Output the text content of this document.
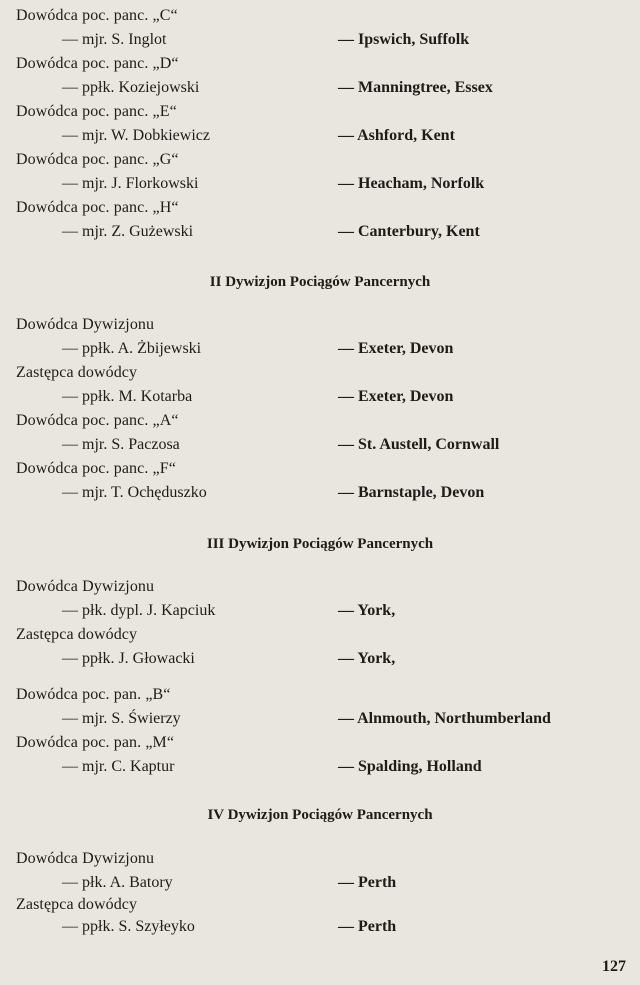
Dowódca poc. panc. „C“
— mjr. S. Inglot	— Ipswich, Suffolk
Dowódca poc. panc. „D“
— ppłk. Koziejowski	— Manningtree, Essex
Dowódca poc. panc. „E“
— mjr. W. Dobkiewicz	— Ashford, Kent
Dowódca poc. panc. „G“
— mjr. J. Florkowski	— Heacham, Norfolk
Dowódca poc. panc. „H“
— mjr. Z. Gużewski	— Canterbury, Kent
II Dywizjon Pociągów Pancernych
Dowódca Dywizjonu
— ppłk. A. Żbijewski	— Exeter, Devon
Zastępca dowódcy
— ppłk. M. Kotarba	— Exeter, Devon
Dowódca poc. panc. „A“
— mjr. S. Paczosa	— St. Austell, Cornwall
Dowódca poc. panc. „F“
— mjr. T. Ochęduszko	— Barnstaple, Devon
III Dywizjon Pociągów Pancernych
Dowódca Dywizjonu
— płk. dypl. J. Kapciuk	— York,
Zastępca dowódcy
— ppłk. J. Głowacki	— York,
Dowódca poc. pan. „B“
— mjr. S. Świerzy	— Alnmouth, Northumberland
Dowódca poc. pan. „M“
— mjr. C. Kaptur	— Spalding, Holland
IV Dywizjon Pociągów Pancernych
Dowódca Dywizjonu
— płk. A. Batory	— Perth
Zastępca dowódcy
— ppłk. S. Szyłeyko	— Perth
127
